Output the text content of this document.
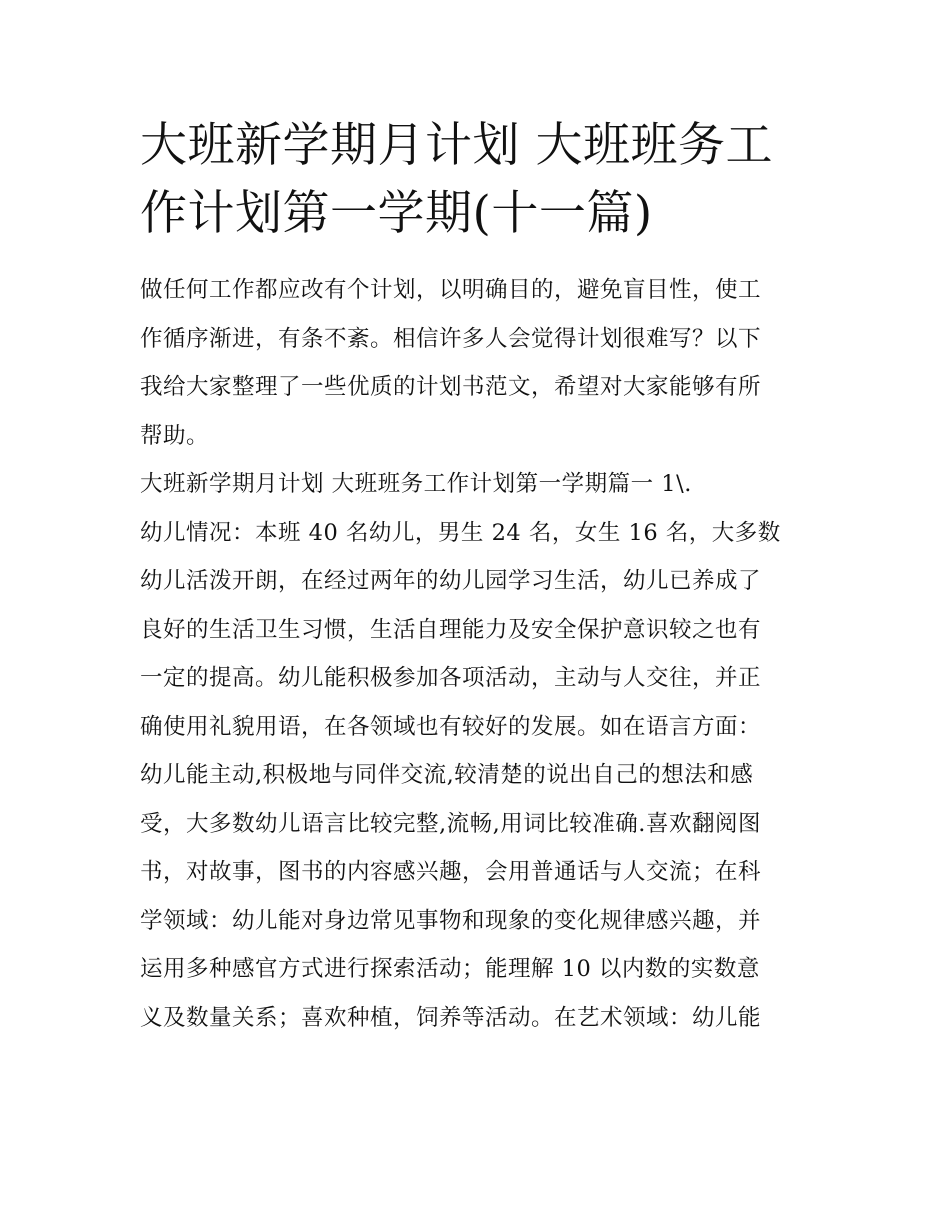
大班新学期月计划 大班班务工
作计划第一学期(十一篇)
做任何工作都应改有个计划，以明确目的，避免盲目性，使工
作循序渐进，有条不紊。相信许多人会觉得计划很难写？以下
我给大家整理了一些优质的计划书范文，希望对大家能够有所
帮助。
大班新学期月计划 大班班务工作计划第一学期篇一 1\.
幼儿情况：本班 40 名幼儿，男生 24 名，女生 16 名，大多数
幼儿活泼开朗，在经过两年的幼儿园学习生活，幼儿已养成了
良好的生活卫生习惯，生活自理能力及安全保护意识较之也有
一定的提高。幼儿能积极参加各项活动，主动与人交往，并正
确使用礼貌用语，在各领域也有较好的发展。如在语言方面：
幼儿能主动,积极地与同伴交流,较清楚的说出自己的想法和感
受，大多数幼儿语言比较完整,流畅,用词比较准确.喜欢翻阅图
书，对故事，图书的内容感兴趣，会用普通话与人交流；在科
学领域：幼儿能对身边常见事物和现象的变化规律感兴趣，并
运用多种感官方式进行探索活动；能理解 10 以内数的实数意
义及数量关系；喜欢种植，饲养等活动。在艺术领域：幼儿能
